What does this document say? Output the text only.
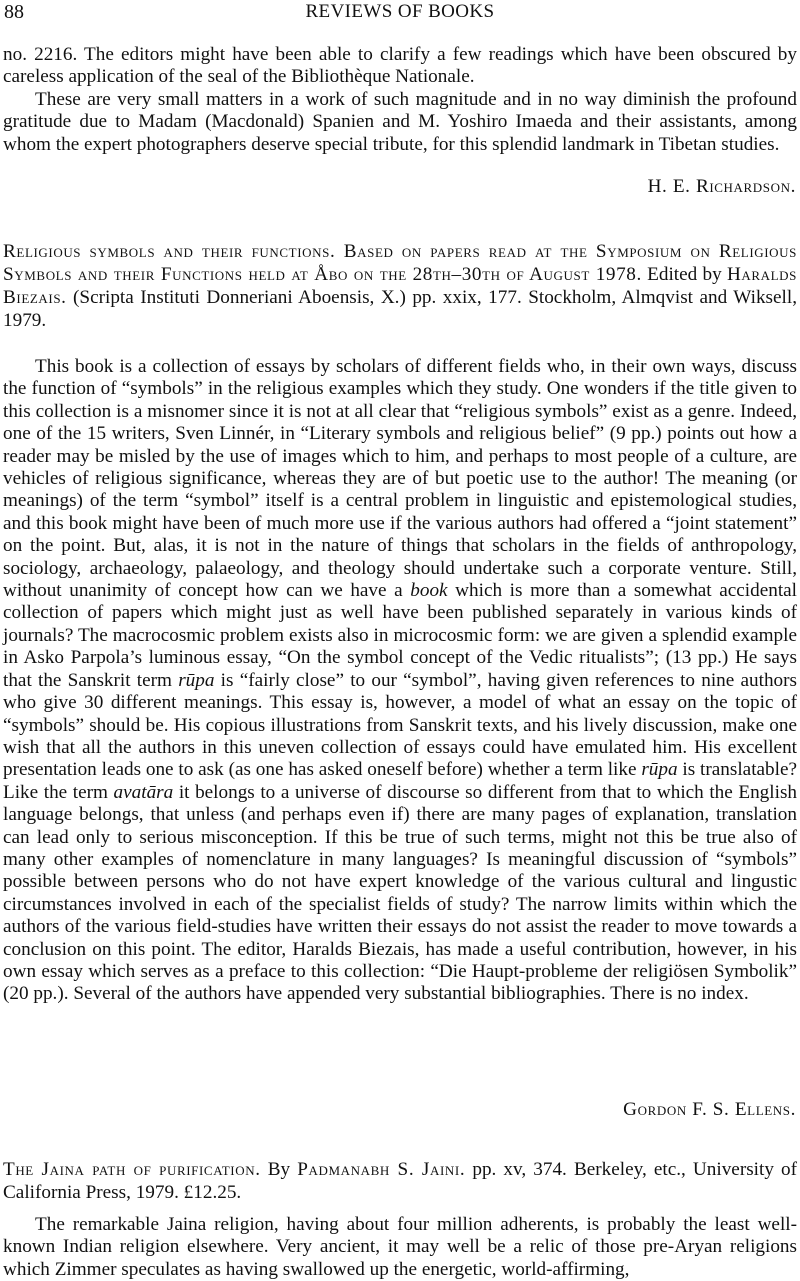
88	REVIEWS OF BOOKS

no. 2216. The editors might have been able to clarify a few readings which have been obscured by careless application of the seal of the Bibliothèque Nationale.

These are very small matters in a work of such magnitude and in no way diminish the profound gratitude due to Madam (Macdonald) Spanien and M. Yoshiro Imaeda and their assistants, among whom the expert photographers deserve special tribute, for this splendid landmark in Tibetan studies.

H. E. Richardson.
Religious symbols and their functions. Based on papers read at the Symposium on Religious Symbols and their Functions held at Åbo on the 28th–30th of August 1978. Edited by Haralds Biezais. (Scripta Instituti Donneriani Aboensis, X.) pp. xxix, 177. Stockholm, Almqvist and Wiksell, 1979.

This book is a collection of essays by scholars of different fields who, in their own ways, discuss the function of “symbols” in the religious examples which they study. One wonders if the title given to this collection is a misnomer since it is not at all clear that “religious symbols” exist as a genre. Indeed, one of the 15 writers, Sven Linnér, in “Literary symbols and religious belief” (9 pp.) points out how a reader may be misled by the use of images which to him, and perhaps to most people of a culture, are vehicles of religious significance, whereas they are of but poetic use to the author! The meaning (or meanings) of the term “symbol” itself is a central problem in linguistic and epistemological studies, and this book might have been of much more use if the various authors had offered a “joint statement” on the point. But, alas, it is not in the nature of things that scholars in the fields of anthropology, sociology, archaeology, palaeology, and theology should undertake such a corporate venture. Still, without unanimity of concept how can we have a book which is more than a somewhat accidental collection of papers which might just as well have been published separately in various kinds of journals? The macrocosmic problem exists also in microcosmic form: we are given a splendid example in Asko Parpola’s luminous essay, “On the symbol concept of the Vedic ritualists”; (13 pp.) He says that the Sanskrit term rūpa is “fairly close” to our “symbol”, having given references to nine authors who give 30 different meanings. This essay is, however, a model of what an essay on the topic of “symbols” should be. His copious illustrations from Sanskrit texts, and his lively discussion, make one wish that all the authors in this uneven collection of essays could have emulated him. His excellent presentation leads one to ask (as one has asked oneself before) whether a term like rūpa is translatable? Like the term avatāra it belongs to a universe of discourse so different from that to which the English language belongs, that unless (and perhaps even if) there are many pages of explanation, translation can lead only to serious misconception. If this be true of such terms, might not this be true also of many other examples of nomenclature in many languages? Is meaningful discussion of “symbols” possible between persons who do not have expert knowledge of the various cultural and lingustic circumstances involved in each of the specialist fields of study? The narrow limits within which the authors of the various field-studies have written their essays do not assist the reader to move towards a conclusion on this point. The editor, Haralds Biezais, has made a useful contribution, however, in his own essay which serves as a preface to this collection: “Die Haupt-probleme der religiösen Symbolik” (20 pp.). Several of the authors have appended very substantial bibliographies. There is no index.

Gordon F. S. Ellens.
The Jaina path of purification. By Padmanabh S. Jaini. pp. xv, 374. Berkeley, etc., University of California Press, 1979. £12.25.

The remarkable Jaina religion, having about four million adherents, is probably the least well-known Indian religion elsewhere. Very ancient, it may well be a relic of those pre-Aryan religions which Zimmer speculates as having swallowed up the energetic, world-affirming,
